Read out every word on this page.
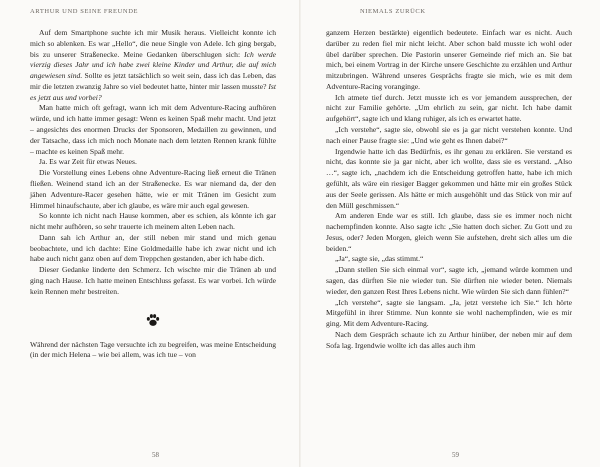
ARTHUR UND SEINE FREUNDE

Auf dem Smartphone suchte ich mir Musik heraus. Vielleicht konnte ich mich so ablenken. Es war „Hello“, die neue Single von Adele. Ich ging bergab, bis zu unserer Straßenecke. Meine Gedanken überschlugen sich: Ich werde vierzig dieses Jahr und ich habe zwei kleine Kinder und Arthur, die auf mich angewiesen sind. Sollte es jetzt tatsächlich so weit sein, dass ich das Leben, das mir die letzten zwanzig Jahre so viel bedeutet hatte, hinter mir lassen musste? Ist es jetzt aus und vorbei?

Man hatte mich oft gefragt, wann ich mit dem Adventure-Racing aufhören würde, und ich hatte immer gesagt: Wenn es keinen Spaß mehr macht. Und jetzt – angesichts des enormen Drucks der Sponsoren, Medaillen zu gewinnen, und der Tatsache, dass ich mich noch Monate nach dem letzten Rennen krank fühlte – machte es keinen Spaß mehr.

Ja. Es war Zeit für etwas Neues.

Die Vorstellung eines Lebens ohne Adventure-Racing ließ erneut die Tränen fließen. Weinend stand ich an der Straßenecke. Es war niemand da, der den jähen Adventure-Racer gesehen hätte, wie er mit Tränen im Gesicht zum Himmel hinaufschaute, aber ich glaube, es wäre mir auch egal gewesen.

So konnte ich nicht nach Hause kommen, aber es schien, als könnte ich gar nicht mehr aufhören, so sehr trauerte ich meinem alten Leben nach.

Dann sah ich Arthur an, der still neben mir stand und mich genau beobachtete, und ich dachte: Eine Goldmedaille habe ich zwar nicht und ich habe auch nicht ganz oben auf dem Treppchen gestanden, aber ich habe dich.

Dieser Gedanke linderte den Schmerz. Ich wischte mir die Tränen ab und ging nach Hause. Ich hatte meinen Entschluss gefasst. Es war vorbei. Ich würde kein Rennen mehr bestreiten.

Während der nächsten Tage versuchte ich zu begreifen, was meine Entscheidung (in der mich Helena – wie bei allem, was ich tue – von

58
NIEMALS ZURÜCK

ganzem Herzen bestärkte) eigentlich bedeutete. Einfach war es nicht. Auch darüber zu reden fiel mir nicht leicht. Aber schon bald musste ich wohl oder übel darüber sprechen. Die Pastorin unserer Gemeinde rief mich an. Sie bat mich, bei einem Vortrag in der Kirche unsere Geschichte zu erzählen und Arthur mitzubringen. Während unseres Gesprächs fragte sie mich, wie es mit dem Adventure-Racing voranginge.

Ich atmete tief durch. Jetzt musste ich es vor jemandem aussprechen, der nicht zur Familie gehörte. „Um ehrlich zu sein, gar nicht. Ich habe damit aufgehört“, sagte ich und klang ruhiger, als ich es erwartet hatte.

„Ich verstehe“, sagte sie, obwohl sie es ja gar nicht verstehen konnte. Und nach einer Pause fragte sie: „Und wie geht es Ihnen dabei?“

Irgendwie hatte ich das Bedürfnis, es ihr genau zu erklären. Sie verstand es nicht, das konnte sie ja gar nicht, aber ich wollte, dass sie es verstand. „Also …“, sagte ich, „nachdem ich die Entscheidung getroffen hatte, habe ich mich gefühlt, als wäre ein riesiger Bagger gekommen und hätte mir ein großes Stück aus der Seele gerissen. Als hätte er mich ausgehöhlt und das Stück von mir auf den Müll geschmissen.“

Am anderen Ende war es still. Ich glaube, dass sie es immer noch nicht nachempfinden konnte. Also sagte ich: „Sie hatten doch sicher. Zu Gott und zu Jesus, oder? Jeden Morgen, gleich wenn Sie aufstehen, dreht sich alles um die beiden.“

„Ja“, sagte sie, „das stimmt.“

„Dann stellen Sie sich einmal vor“, sagte ich, „jemand würde kommen und sagen, das dürften Sie nie wieder tun. Sie dürften nie wieder beten. Niemals wieder, den ganzen Rest Ihres Lebens nicht. Wie würden Sie sich dann fühlen?“

„Ich verstehe“, sagte sie langsam. „Ja, jetzt verstehe ich Sie.“ Ich hörte Mitgefühl in ihrer Stimme. Nun konnte sie wohl nachempfinden, wie es mir ging. Mit dem Adventure-Racing.

Nach dem Gespräch schaute ich zu Arthur hinüber, der neben mir auf dem Sofa lag. Irgendwie wollte ich das alles auch ihm

59
